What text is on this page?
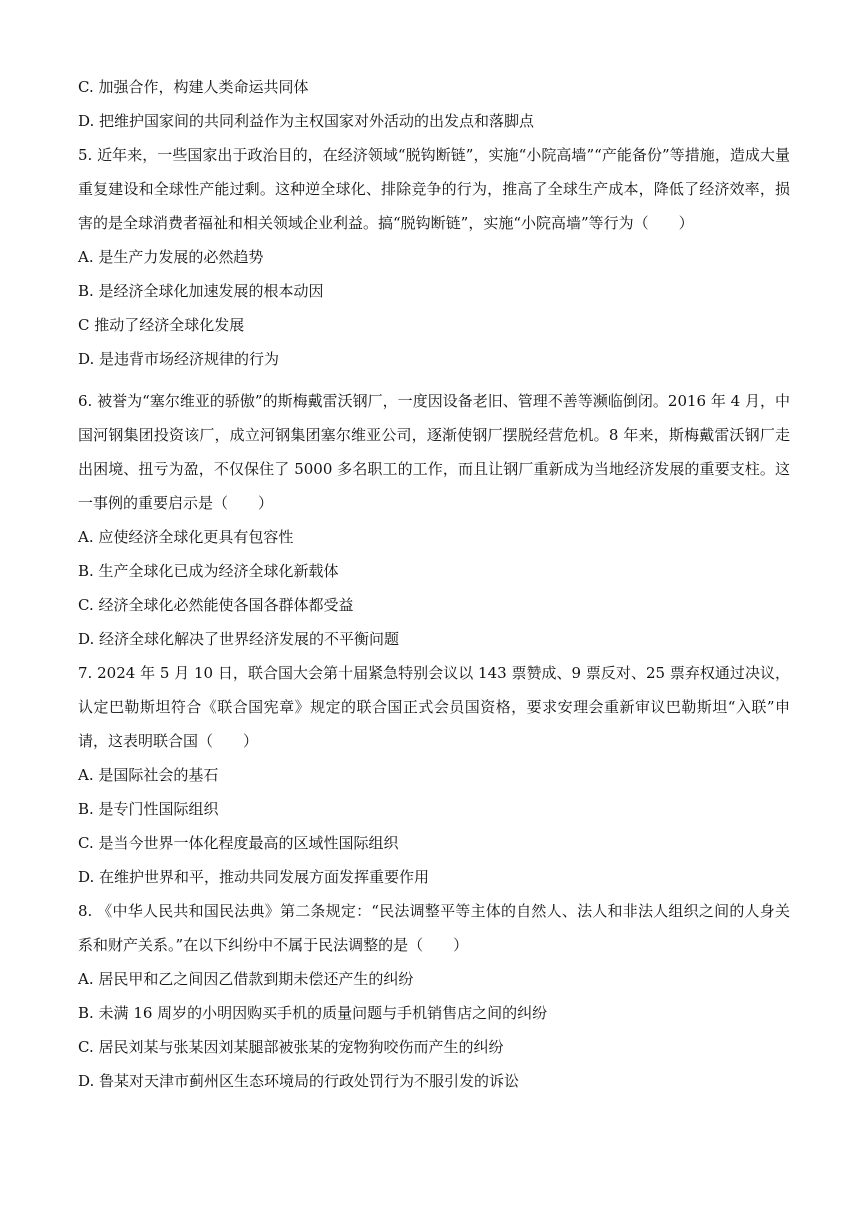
C. 加强合作，构建人类命运共同体
D. 把维护国家间的共同利益作为主权国家对外活动的出发点和落脚点
5. 近年来，一些国家出于政治目的，在经济领域“脱钩断链”，实施“小院高墙”“产能备份”等措施，造成大量重复建设和全球性产能过剩。这种逆全球化、排除竞争的行为，推高了全球生产成本，降低了经济效率，损害的是全球消费者福祉和相关领域企业利益。搞“脱钩断链”，实施“小院高墙”等行为（　　）
A. 是生产力发展的必然趋势
B. 是经济全球化加速发展的根本动因
C 推动了经济全球化发展
D. 是违背市场经济规律的行为
6. 被誉为“塞尔维亚的骄傲”的斯梅戴雷沃钢厂，一度因设备老旧、管理不善等濒临倒闭。2016 年 4 月，中国河钢集团投资该厂，成立河钢集团塞尔维亚公司，逐渐使钢厂摆脱经营危机。8 年来，斯梅戴雷沃钢厂走出困境、扭亏为盈，不仅保住了 5000 多名职工的工作，而且让钢厂重新成为当地经济发展的重要支柱。这一事例的重要启示是（　　）
A. 应使经济全球化更具有包容性
B. 生产全球化已成为经济全球化新载体
C. 经济全球化必然能使各国各群体都受益
D. 经济全球化解决了世界经济发展的不平衡问题
7. 2024 年 5 月 10 日，联合国大会第十届紧急特别会议以 143 票赞成、9 票反对、25 票弃权通过决议，认定巴勒斯坦符合《联合国宪章》规定的联合国正式会员国资格，要求安理会重新审议巴勒斯坦“入联”申请，这表明联合国（　　）
A. 是国际社会的基石
B. 是专门性国际组织
C. 是当今世界一体化程度最高的区域性国际组织
D. 在维护世界和平，推动共同发展方面发挥重要作用
8. 《中华人民共和国民法典》第二条规定：“民法调整平等主体的自然人、法人和非法人组织之间的人身关系和财产关系。”在以下纠纷中不属于民法调整的是（　　）
A. 居民甲和乙之间因乙借款到期未偿还产生的纠纷
B. 未满 16 周岁的小明因购买手机的质量问题与手机销售店之间的纠纷
C. 居民刘某与张某因刘某腿部被张某的宠物狗咬伤而产生的纠纷
D. 鲁某对天津市蓟州区生态环境局的行政处罚行为不服引发的诉讼
